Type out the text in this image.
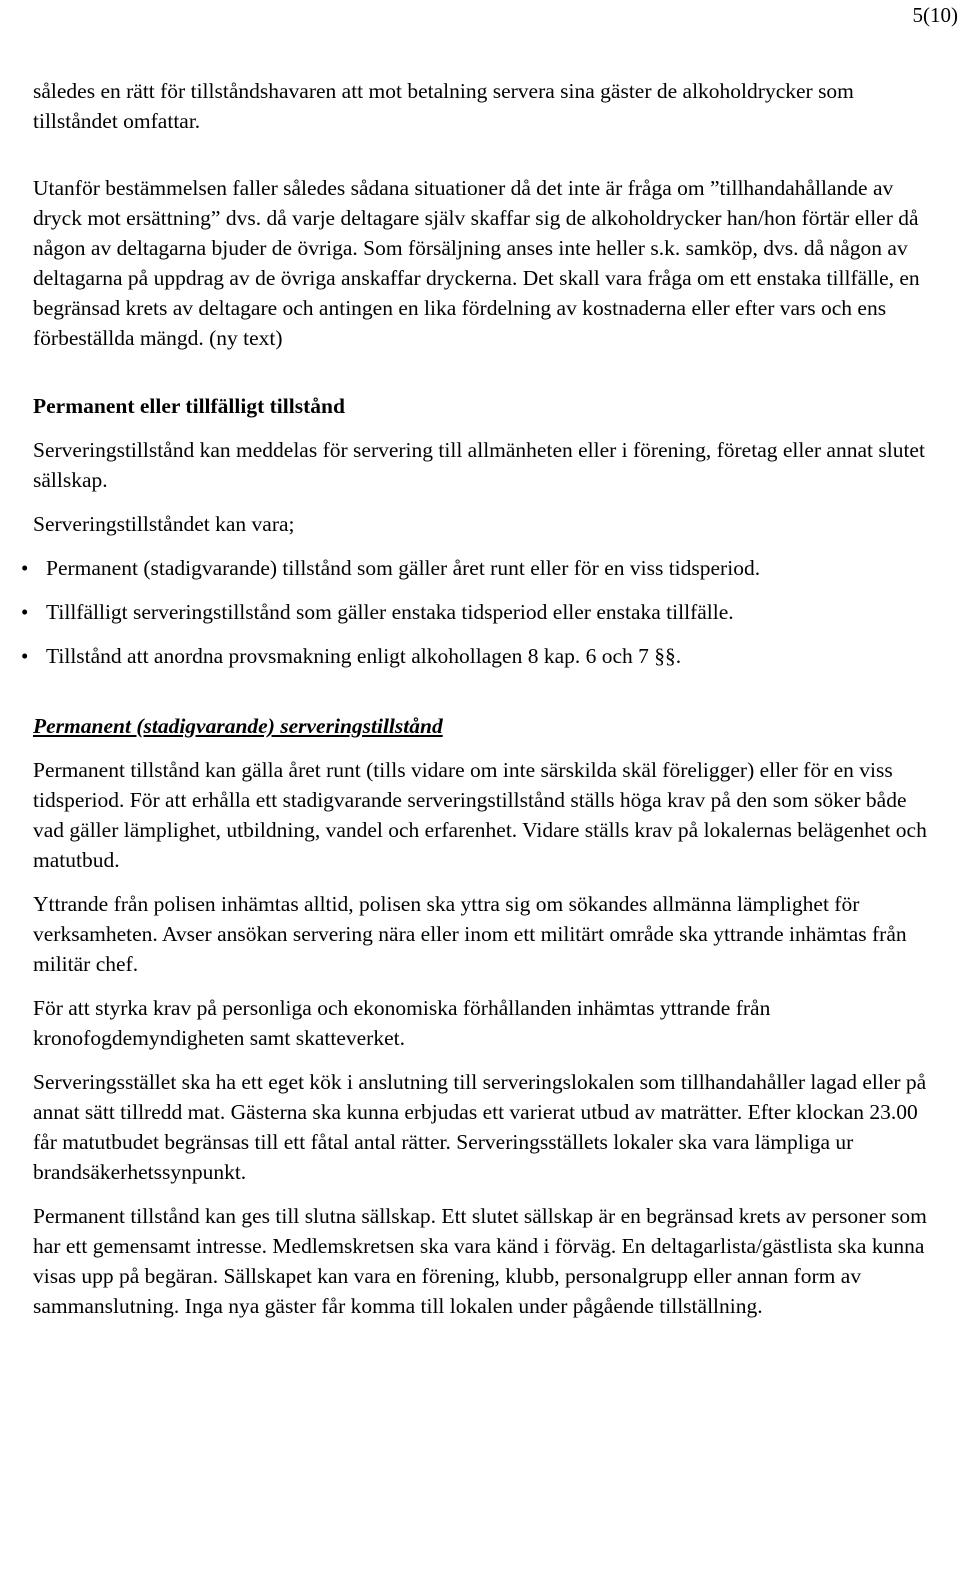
5(10)

således en rätt för tillståndshavaren att mot betalning servera sina gäster de alkoholdrycker som tillståndet omfattar.

Utanför bestämmelsen faller således sådana situationer då det inte är fråga om ”tillhandahållande av dryck mot ersättning” dvs. då varje deltagare själv skaffar sig de alkoholdrycker han/hon förtär eller då någon av deltagarna bjuder de övriga. Som försäljning anses inte heller s.k. samköp, dvs. då någon av deltagarna på uppdrag av de övriga anskaffar dryckerna. Det skall vara fråga om ett enstaka tillfälle, en begränsad krets av deltagare och antingen en lika fördelning av kostnaderna eller efter vars och ens förbeställda mängd. (ny text)

Permanent eller tillfälligt tillstånd

Serveringstillstånd kan meddelas för servering till allmänheten eller i förening, företag eller annat slutet sällskap.

Serveringstillståndet kan vara;

• Permanent (stadigvarande) tillstånd som gäller året runt eller för en viss tidsperiod.
• Tillfälligt serveringstillstånd som gäller enstaka tidsperiod eller enstaka tillfälle.
• Tillstånd att anordna provsmakning enligt alkohollagen 8 kap. 6 och 7 §§.

Permanent (stadigvarande) serveringstillstånd

Permanent tillstånd kan gälla året runt (tills vidare om inte särskilda skäl föreligger) eller för en viss tidsperiod. För att erhålla ett stadigvarande serveringstillstånd ställs höga krav på den som söker både vad gäller lämplighet, utbildning, vandel och erfarenhet. Vidare ställs krav på lokalernas belägenhet och matutbud.

Yttrande från polisen inhämtas alltid, polisen ska yttra sig om sökandes allmänna lämplighet för verksamheten. Avser ansökan servering nära eller inom ett militärt område ska yttrande inhämtas från militär chef.

För att styrka krav på personliga och ekonomiska förhållanden inhämtas yttrande från kronofogdemyndigheten samt skatteverket.

Serveringsstället ska ha ett eget kök i anslutning till serveringslokalen som tillhandahåller lagad eller på annat sätt tillredd mat. Gästerna ska kunna erbjudas ett varierat utbud av maträtter. Efter klockan 23.00 får matutbudet begränsas till ett fåtal antal rätter. Serveringsställets lokaler ska vara lämpliga ur brandsäkerhetssynpunkt.

Permanent tillstånd kan ges till slutna sällskap. Ett slutet sällskap är en begränsad krets av personer som har ett gemensamt intresse. Medlemskretsen ska vara känd i förväg. En deltagarlista/gästlista ska kunna visas upp på begäran. Sällskapet kan vara en förening, klubb, personalgrupp eller annan form av sammanslutning. Inga nya gäster får komma till lokalen under pågående tillställning.
